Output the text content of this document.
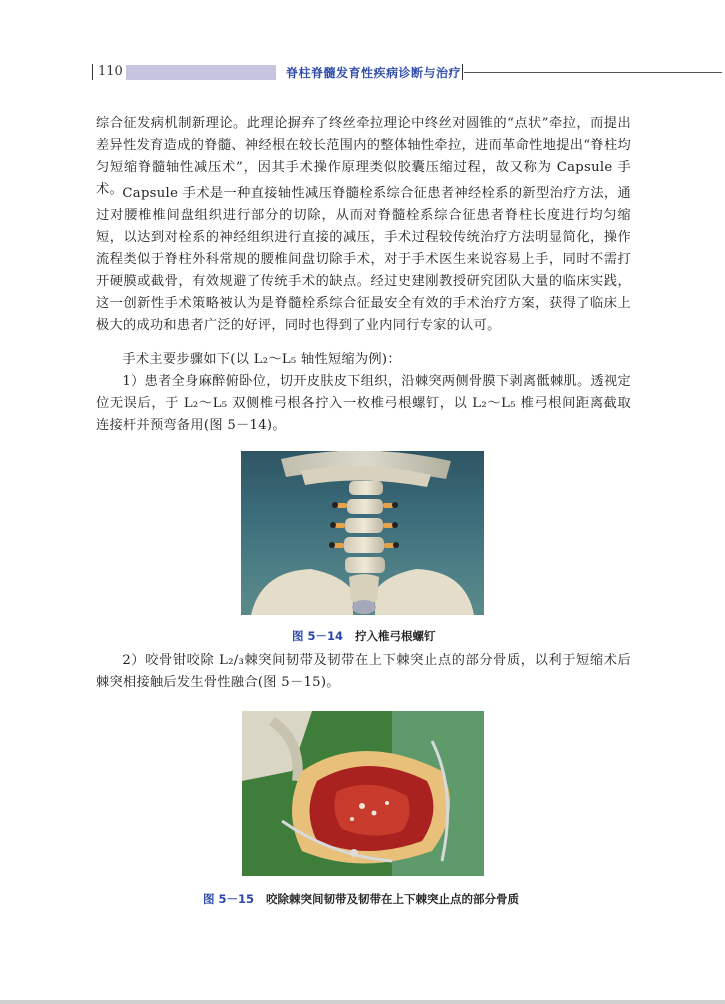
110	脊柱脊髓发育性疾病诊断与治疗

综合征发病机制新理论。此理论摒弃了终丝牵拉理论中终丝对圆锥的“点状”牵拉，而提出差异性发育造成的脊髓、神经根在较长范围内的整体轴性牵拉，进而革命性地提出“脊柱均匀短缩脊髓轴性减压术”，因其手术操作原理类似胶囊压缩过程，故又称为 Capsule 手术。 Capsule 手术是一种直接轴性减压脊髓栓系综合征患者神经栓系的新型治疗方法，通过对腰椎椎间盘组织进行部分的切除，从而对脊髓栓系综合征患者脊柱长度进行均匀缩短，以达到对栓系的神经组织进行直接的减压，手术过程较传统治疗方法明显简化，操作流程类似于脊柱外科常规的腰椎间盘切除手术，对于手术医生来说容易上手，同时不需打开硬膜或截骨，有效规避了传统手术的缺点。经过史建刚教授研究团队大量的临床实践，这一创新性手术策略被认为是脊髓栓系综合征最安全有效的手术治疗方案，获得了临床上极大的成功和患者广泛的好评，同时也得到了业内同行专家的认可。

手术主要步骤如下(以 L₂～L₅ 轴性短缩为例)：

1）患者全身麻醉俯卧位，切开皮肤皮下组织，沿棘突两侧骨膜下剥离骶棘肌。透视定位无误后，于 L₂～L₅ 双侧椎弓根各拧入一枚椎弓根螺钉，以 L₂～L₅ 椎弓根间距离截取连接杆并预弯备用(图 5－14)。

图 5－14 拧入椎弓根螺钉

2）咬骨钳咬除 L₂/₃棘突间韧带及韧带在上下棘突止点的部分骨质，以利于短缩术后棘突相接触后发生骨性融合(图 5－15)。

图 5－15 咬除棘突间韧带及韧带在上下棘突止点的部分骨质
